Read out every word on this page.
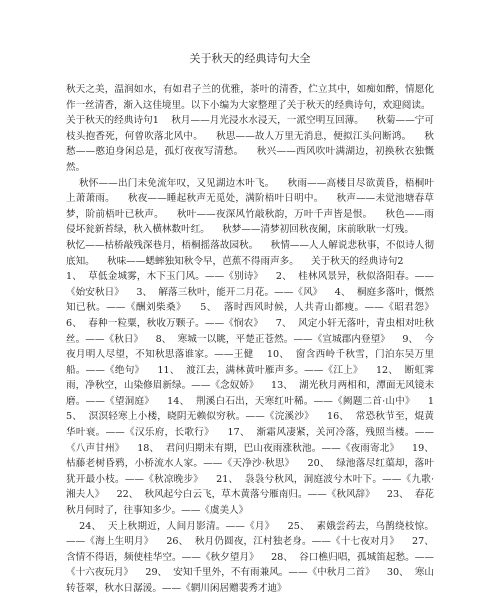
关于秋天的经典诗句大全

秋天之美，温润如水，有如君子兰的优雅，茶叶的清香，伫立其中，如痴如醉，情愿化作一丝清香，渐入这佳境里。以下小编为大家整理了关于秋天的经典诗句，欢迎阅读。
关于秋天的经典诗句1    秋月——月光浸水水浸天，一派空明互回薄。    秋菊——宁可枝头抱香死，何曾吹落北风中。    秋思——故人万里无消息，便拟江头问断鸿。    秋愁——憨迫身闲总是，孤灯夜夜写清愁。    秋兴——西风吹叶满湖边，初换秋衣独慨然。
秋怀——出门未免流年叹，又见湖边木叶飞。    秋雨——高楼目尽欲黄昏，梧桐叶上萧萧雨。    秋夜——睡起秋声无觅处，满阶梧叶日明中。    秋声——未觉池塘春草梦，阶前梧叶已秋声。    秋叶——夜深风竹敲秋韵，万叶千声皆是恨。    秋色——雨侵坏瓮新苔绿，秋入横林数叶红。    秋梦——清梦初回秋夜阑，床前耿耿一灯残。
秋忆——枯桥敲残深巷月，梧桐摇落故园秋。    秋情——人人解说悲秋事，不似诗人彻底知。    秋味——蟋蟀独知秋令早，芭蕉不得雨声多。    关于秋天的经典诗句2
1、  草低金城雾，木下玉门风。——《别诗》    2、  桂林风景异，秋似洛阳春。——《始安秋日》    3、  解落三秋叶，能开二月花。——《风》    4、  桐庭多落叶，慨然知已秋。——《酬刘柴桑》    5、  落时西风时候，人共青山都瘦。——《昭君怨》    6、  春种一粒粟，秋收万颗子。——《悯农》    7、  风定小轩无落叶，青虫相对吐秋丝。——《秋日》    8、  寒城一以眺，平楚正苍然。——《宣城郡内登望》    9、  今夜月明人尽望，不知秋思落谁家。——王健    10、  窗含西岭千秋雪，门泊东吴万里船。——《绝句》    11、  渡江去，满林黄叶雁声多。——《江上》    12、  断虹霁雨，净秋空，山染修眉新绿。——《念奴娇》    13、  湖光秋月两相和，潭面无风镜未磨。——《望洞庭》    14、  荆溪白石出，天寒红叶稀。——《阙题二首·山中》    15、  溟溟轻寒上小楼，晓阴无赖似穷秋。——《浣溪沙》    16、  常恐秋节至，焜黄华叶衰。——《汉乐府，长歌行》    17、  渐霜风凄紧，关河冷落，残照当楼。——《八声甘州》    18、  君问归期未有期，巴山夜雨涨秋池。——《夜雨寄北》    19、  枯藤老树昏鸦，小桥流水人家。——《天净沙·秋思》    20、  绿池落尽红蕖却，落叶犹开最小枝。——《秋凉晚步》    21、  袅袅兮秋风，洞庭波兮木叶下。——《九歌·湘夫人》    22、  秋风起兮白云飞，草木黄落兮雁南归。——《秋风辞》    23、  春花秋月何时了，往事知多少。——《虞美人》
24、  天上秋期近，人间月影清。——《月》    25、  素娥尝药去，乌鹊绕枝惊。——《海上生明月》    26、  秋月仍圆夜，江村独老身。——《十七夜对月》    27、  含情不得语，频使桂华空。——《秋夕望月》    28、  谷口樵归唱，孤城笛起愁。——《十六夜玩月》    29、  安知千里外，不有雨兼风。——《中秋月二首》    30、  寒山转苍翠，秋水日潺湲。——《辋川闲居赠裴秀才迪》
